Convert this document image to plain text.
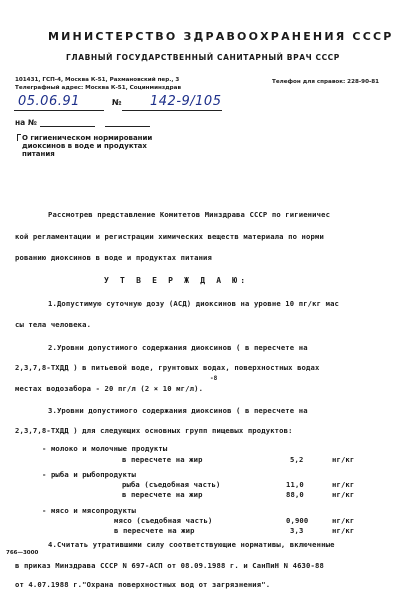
МИНИСТЕРСТВО ЗДРАВООХРАНЕНИЯ СССР
ГЛАВНЫЙ ГОСУДАРСТВЕННЫЙ САНИТАРНЫЙ ВРАЧ СССР
101431, ГСП-4, Москва К-51, Рахмановский пер., 3
Телеграфный адрес: Москва К-51, Социнминздрав
Телефон для справок: 228-90-81
05.06.91	№ 142-9/105
на №
О гигиеническом нормировании
диоксинов в воде и продуктах
питания
Рассмотрев представление Комитетов Минздрава СССР по гигиеничес
кой регламентации и регистрации химических веществ материала по норми
рованию диоксинов в воде и продуктах питания
У Т В Е Р Ж Д А Ю:
1.Допустимую суточную дозу (АСД) диоксинов на уровне 10 пг/кг мас
сы тела человека.
2.Уровни допустимого содержания диоксинов ( в пересчете на
2,3,7,8-ТХДД ) в питьевой воде, грунтовых водах, поверхностных водах
-8
местах водозабора - 20 пг/л (2 × 10 мг/л).
3.Уровни допустимого содержания диоксинов ( в пересчете на
2,3,7,8-ТХДД ) для следующих основных групп пищевых продуктов:
- молоко и молочные продукты
в пересчете на жир	5,2	нг/кг
- рыба и рыбопродукты
рыба (съедобная часть)	11,0	нг/кг
в пересчете на жир	88,0	нг/кг
- мясо и мясопродукты
мясо (съедобная часть)	0,900	нг/кг
в пересчете на жир	3,3	нг/кг
4.Считать утратившими силу соответствующие нормативы, включенные
766—3000
в приказ Минздрава СССР N 697-АСП от 08.09.1988 г. и СанПиН N 4630-88
от 4.07.1988 г."Охрана поверхностных вод от загрязнения".
